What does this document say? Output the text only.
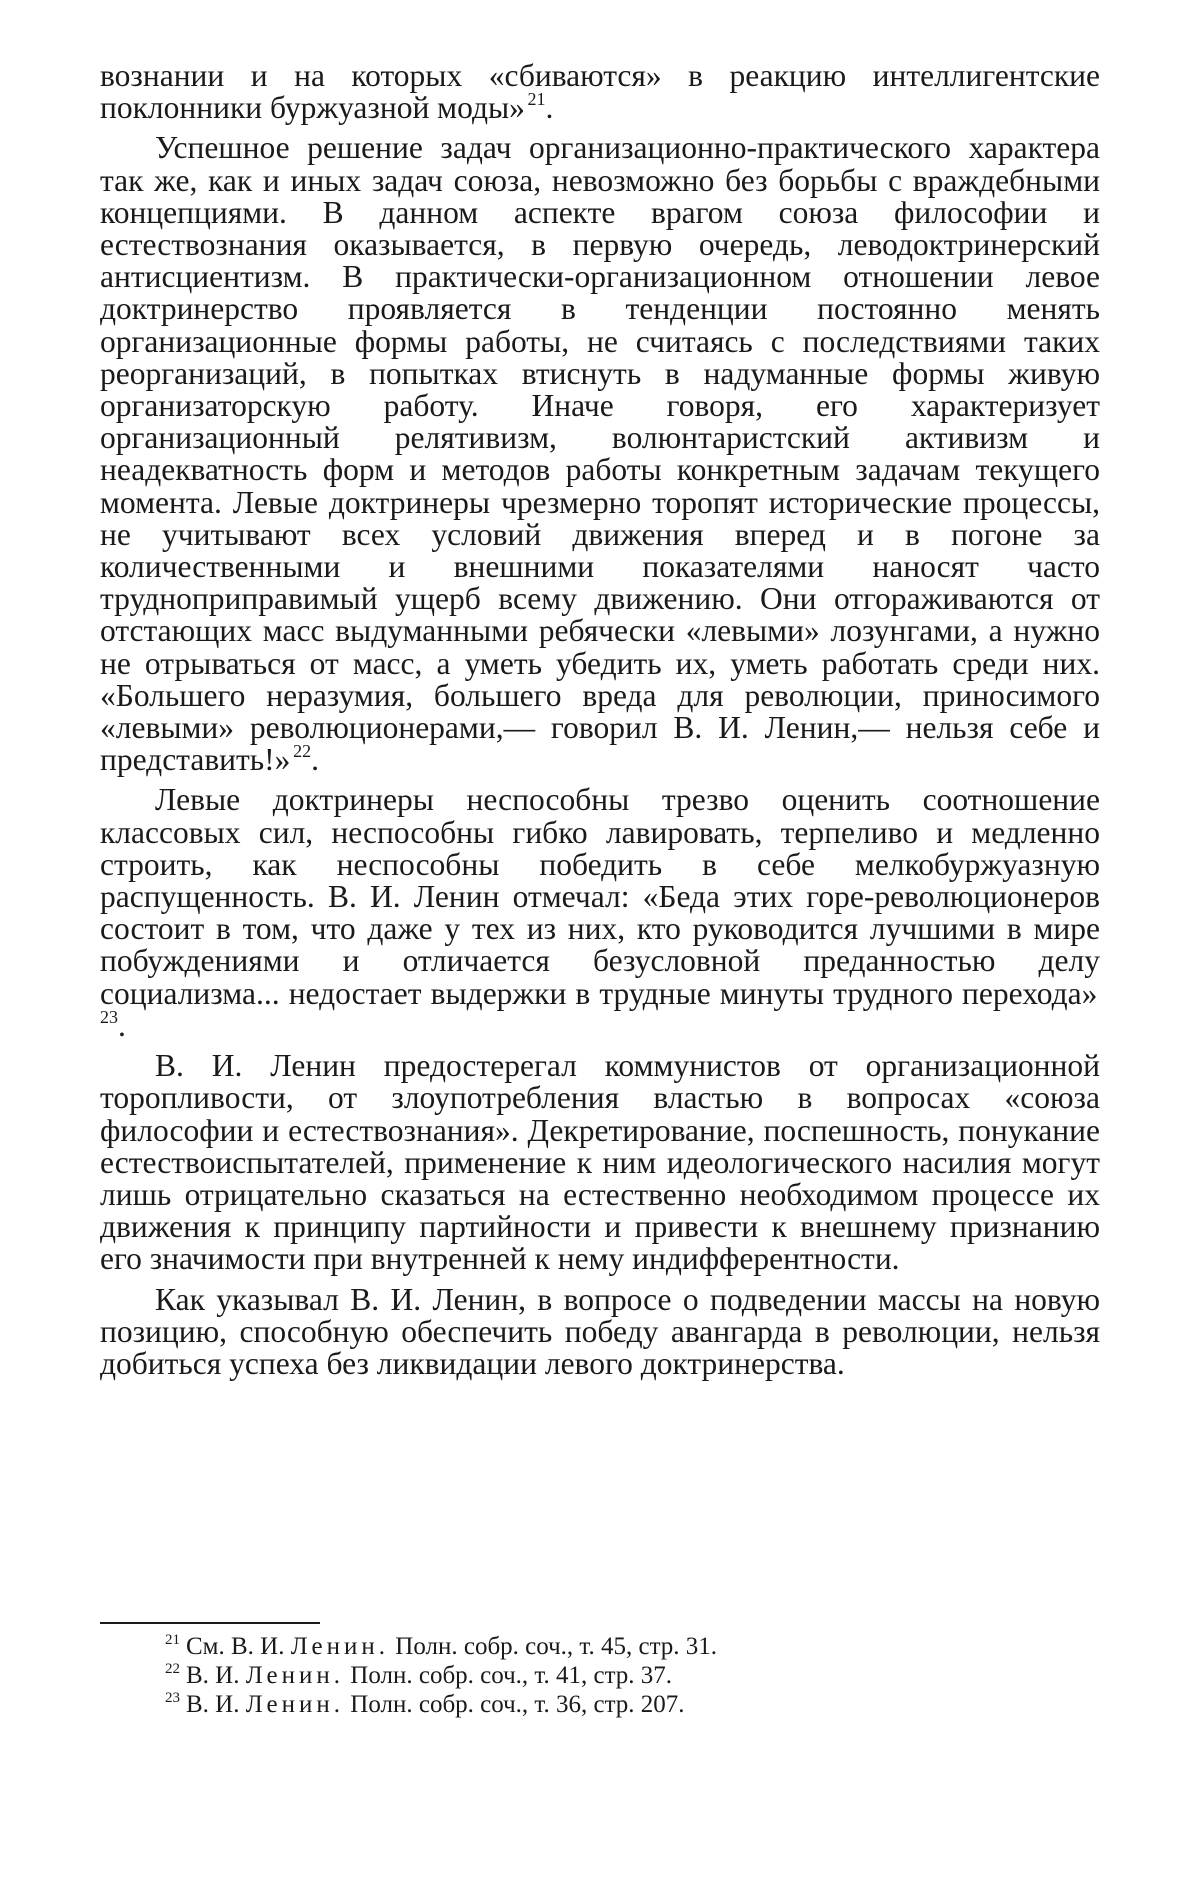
вознании и на которых «сбиваются» в реакцию интеллигентские поклонники буржуазной моды»  $^{21}$.

Успешное решение задач организационно-практического характера так же, как и иных задач союза, невозможно без борьбы с враждебными концепциями. В данном аспекте врагом союза философии и естествознания оказывается, в первую очередь, леводоктринерский антисциентизм. В практически-организационном отношении левое доктринерство проявляется в тенденции постоянно менять организационные формы работы, не считаясь с последствиями таких реорганизаций, в попытках втиснуть в надуманные формы живую организаторскую работу. Иначе говоря, его характеризует организационный релятивизм, волюнтаристский активизм и неадекватность форм и методов работы конкретным задачам текущего момента. Левые доктринеры чрезмерно торопят исторические процессы, не учитывают всех условий движения вперед и в погоне за количественными и внешними показателями наносят часто трудноприправимый ущерб всему движению. Они отгораживаются от отстающих масс выдуманными ребячески «левыми» лозунгами, а нужно не отрываться от масс, а уметь убедить их, уметь работать среди них. «Большего неразумия, большего вреда для революции, приносимого «левыми» революционерами,— говорил В. И. Ленин,— нельзя себе и представить!»  $^{22}$.

Левые доктринеры неспособны трезво оценить соотношение классовых сил, неспособны гибко лавировать, терпеливо и медленно строить, как неспособны победить в себе мелкобуржуазную распущенность. В. И. Ленин отмечал: «Беда этих горе-революционеров состоит в том, что даже у тех из них, кто руководится лучшими в мире побуждениями и отличается безусловной преданностью делу социализма... недостает выдержки в трудные минуты трудного перехода» $^{23}$.

В. И. Ленин предостерегал коммунистов от организационной торопливости, от злоупотребления властью в вопросах «союза философии и естествознания». Декретирование, поспешность, понукание естествоиспытателей, применение к ним идеологического насилия могут лишь отрицательно сказаться на естественно необходимом процессе их движения к принципу партийности и привести к внешнему признанию его значимости при внутренней к нему индифферентности.

Как указывал В. И. Ленин, в вопросе о подведении массы на новую позицию, способную обеспечить победу авангарда в революции, нельзя добиться успеха без ликвидации левого доктринерства.

$^{21}$ См. В. И. Ленин. Полн. собр. соч., т. 45, стр. 31.
$^{22}$ В. И. Ленин. Полн. собр. соч., т. 41, стр. 37.
$^{23}$ В. И. Ленин. Полн. собр. соч., т. 36, стр. 207.
